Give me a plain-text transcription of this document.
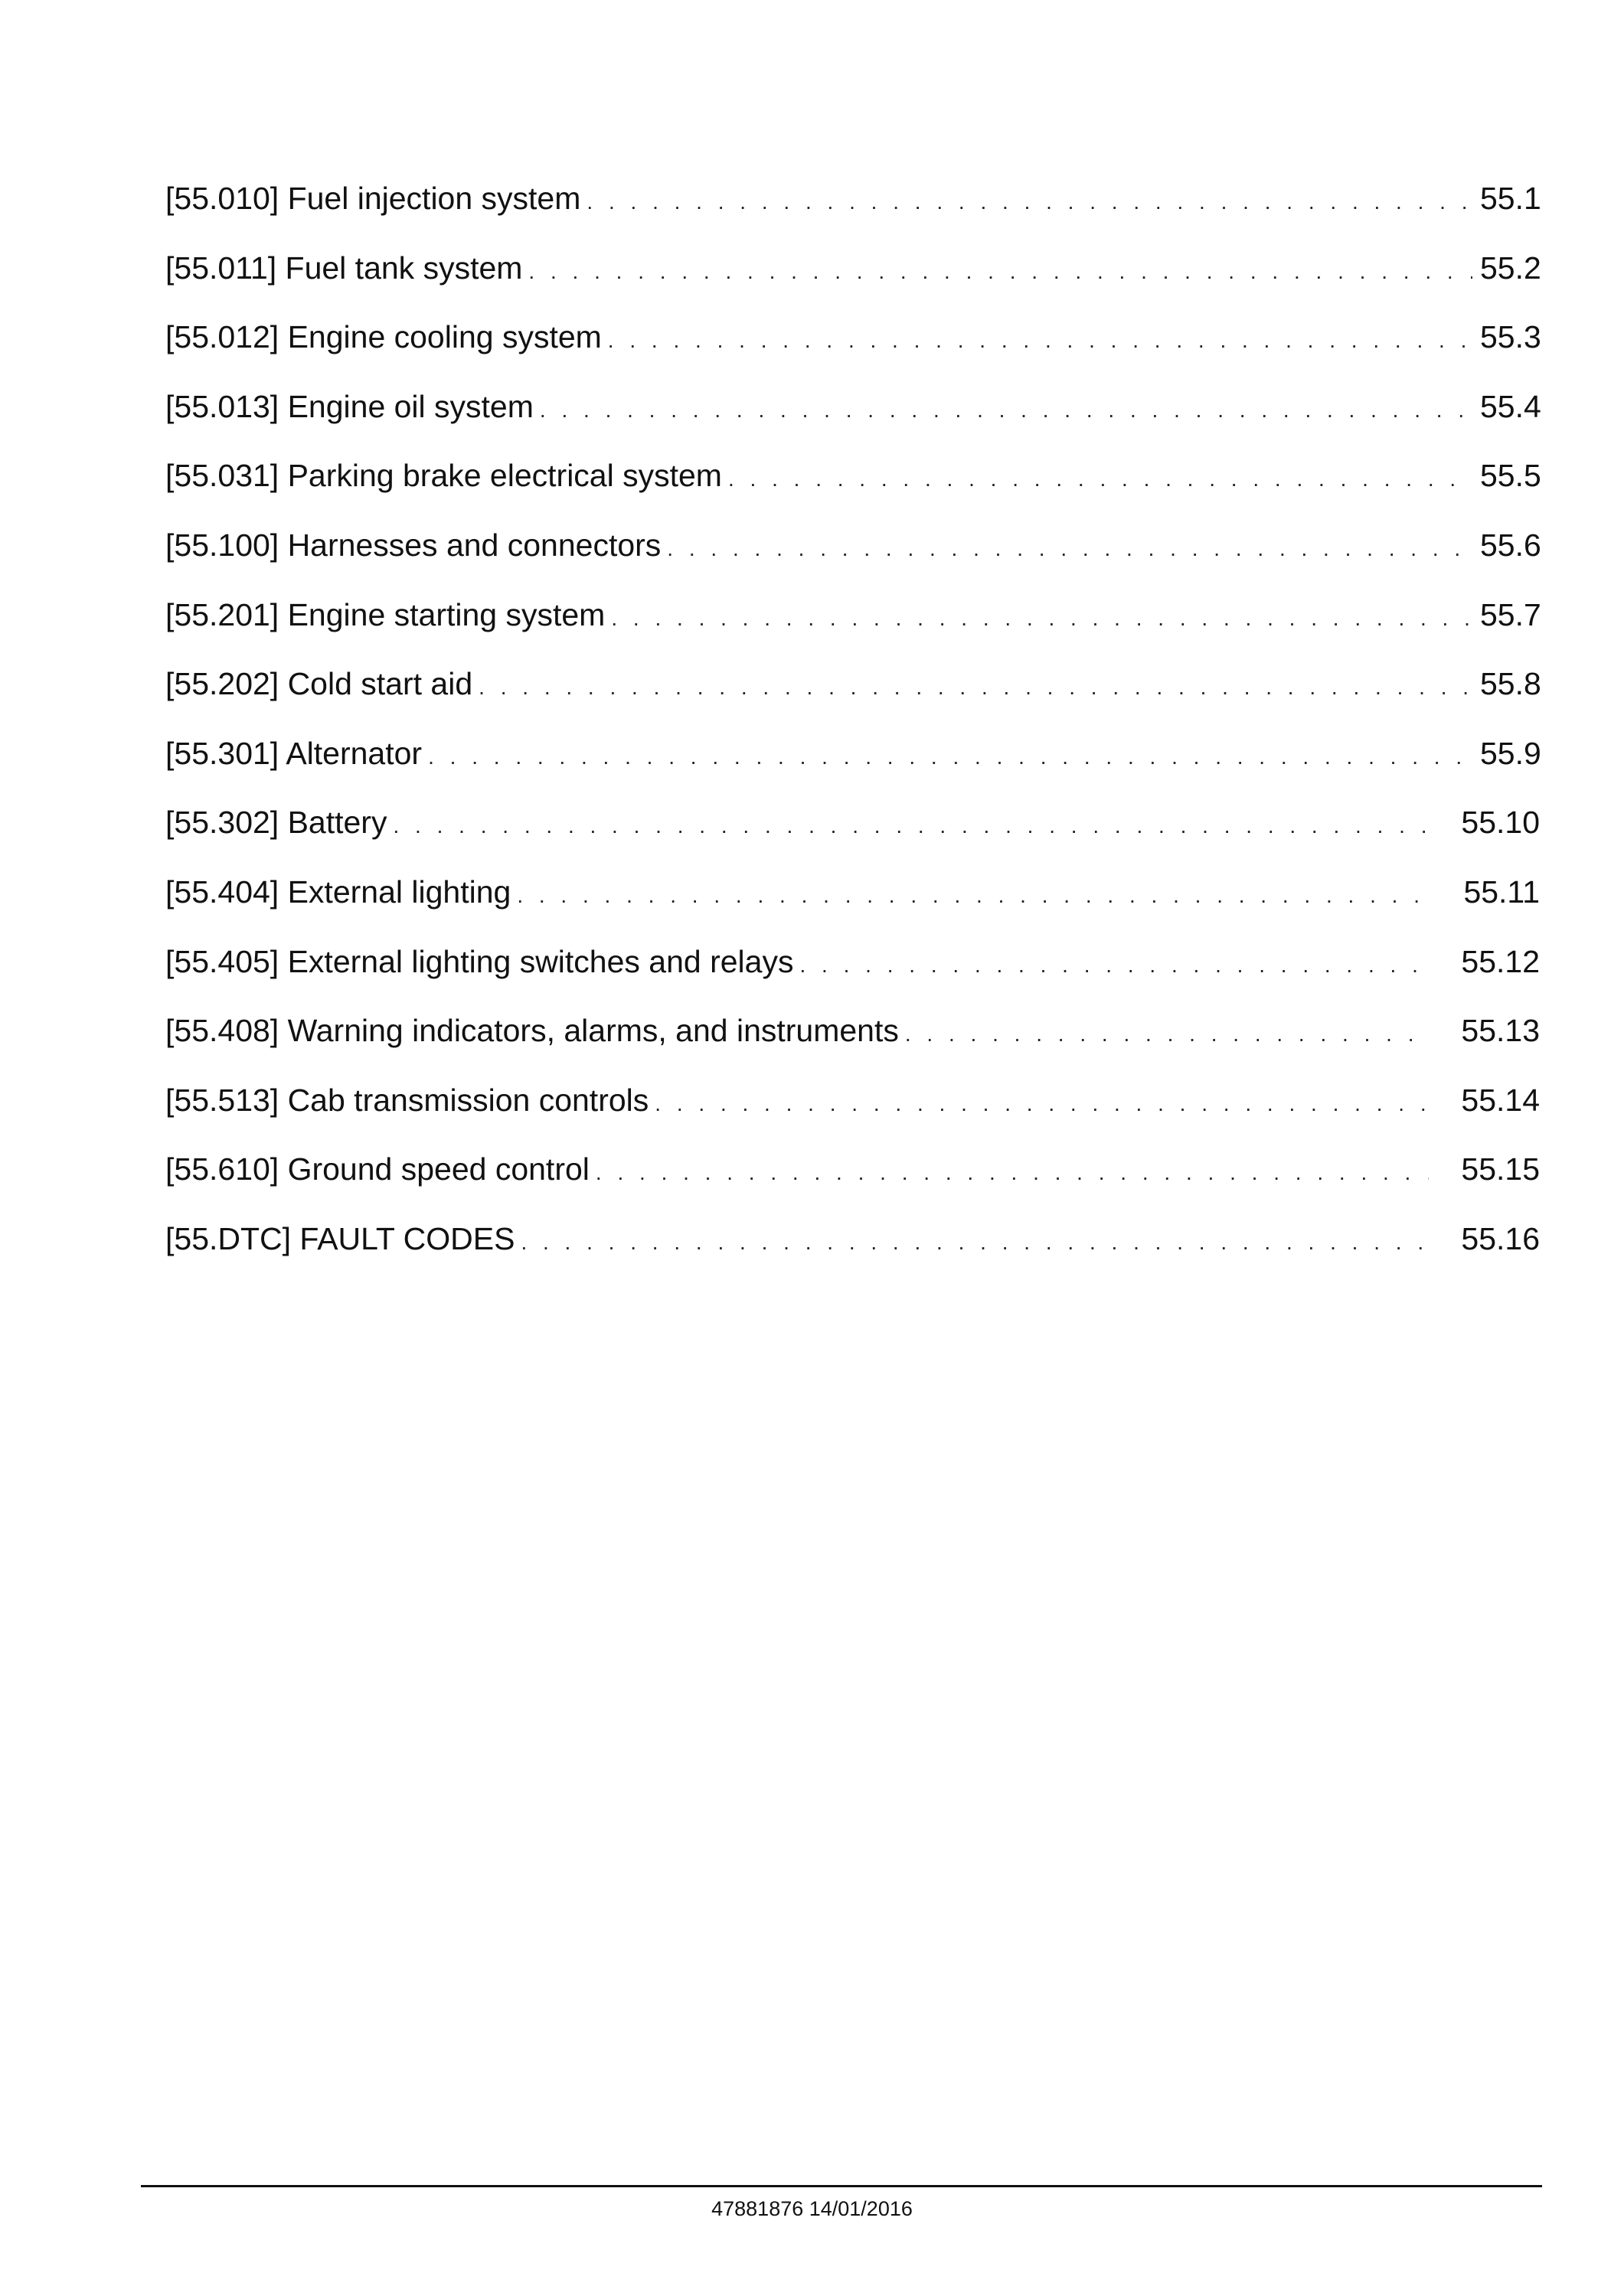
[55.010] Fuel injection system . . .	55.1
[55.011] Fuel tank system . . .	55.2
[55.012] Engine cooling system . . .	55.3
[55.013] Engine oil system . . .	55.4
[55.031] Parking brake electrical system . . .	55.5
[55.100] Harnesses and connectors . . .	55.6
[55.201] Engine starting system . . .	55.7
[55.202] Cold start aid . . .	55.8
[55.301] Alternator . . .	55.9
[55.302] Battery . . .	55.10
[55.404] External lighting . . .	55.11
[55.405] External lighting switches and relays . . .	55.12
[55.408] Warning indicators, alarms, and instruments . . .	55.13
[55.513] Cab transmission controls . . .	55.14
[55.610] Ground speed control . . .	55.15
[55.DTC] FAULT CODES . . .	55.16
47881876 14/01/2016
